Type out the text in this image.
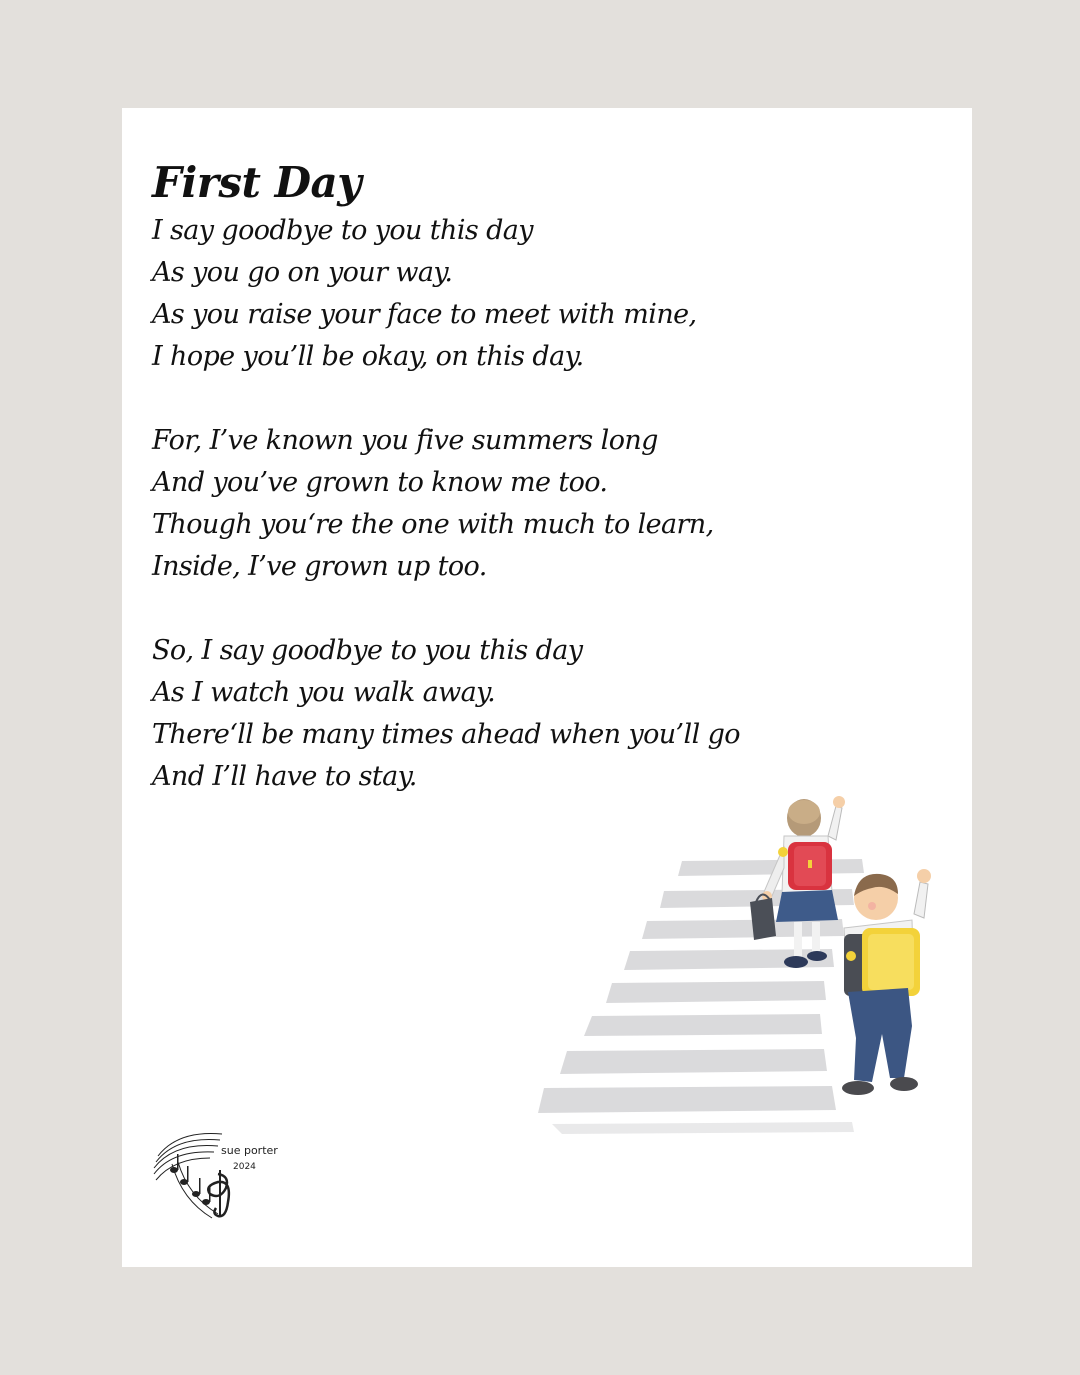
First Day
I say goodbye to you this day
As you go on your way.
As you raise your face to meet with mine,
I hope you’ll be okay, on this day.
For, I’ve known you five summers long
And you’ve grown to know me too.
Though you‘re the one with much to learn,
Inside, I’ve grown up too.
So, I say goodbye to you this day
As I watch you walk away.
There‘ll be many times ahead when you’ll go
And I’ll have to stay.
sue porter
2024
